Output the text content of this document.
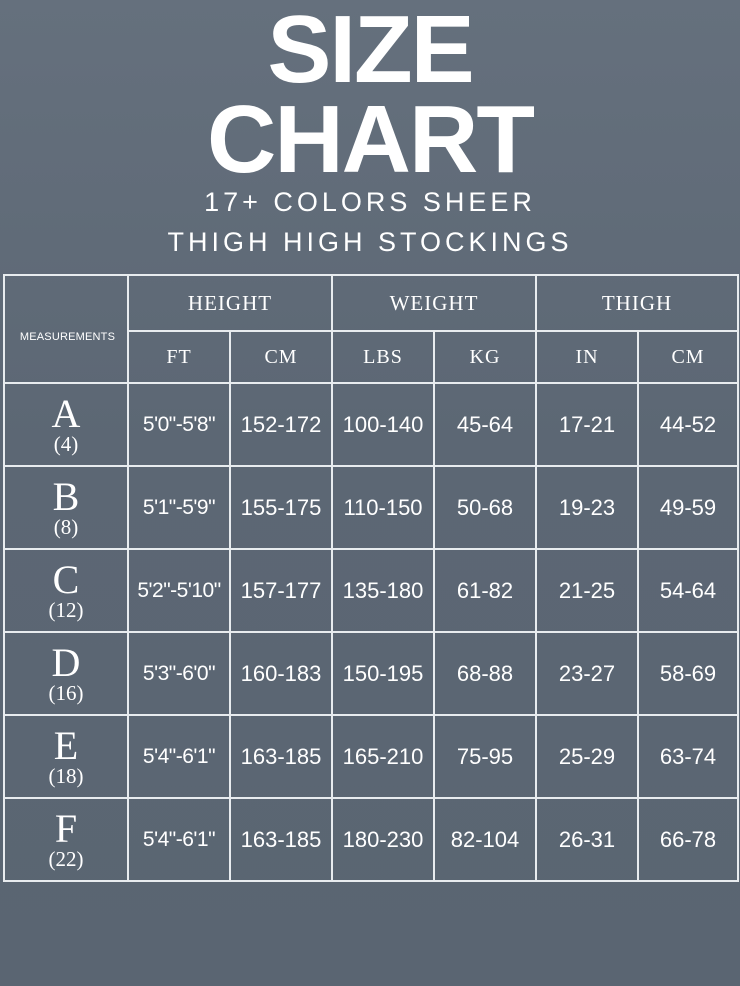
SIZE
CHART

17+ COLORS SHEER

THIGH HIGH STOCKINGS

MEASUREMENTS	HEIGHT		WEIGHT		THIGH	
	FT	CM	LBS	KG	IN	CM

A
(4)	5'0"-5'8"	152-172	100-140	45-64	17-21	44-52

B
(8)	5'1"-5'9"	155-175	110-150	50-68	19-23	49-59

C
(12)	5'2"-5'10"	157-177	135-180	61-82	21-25	54-64

D
(16)	5'3"-6'0"	160-183	150-195	68-88	23-27	58-69

E
(18)	5'4"-6'1"	163-185	165-210	75-95	25-29	63-74

F
(22)	5'4"-6'1"	163-185	180-230	82-104	26-31	66-78
